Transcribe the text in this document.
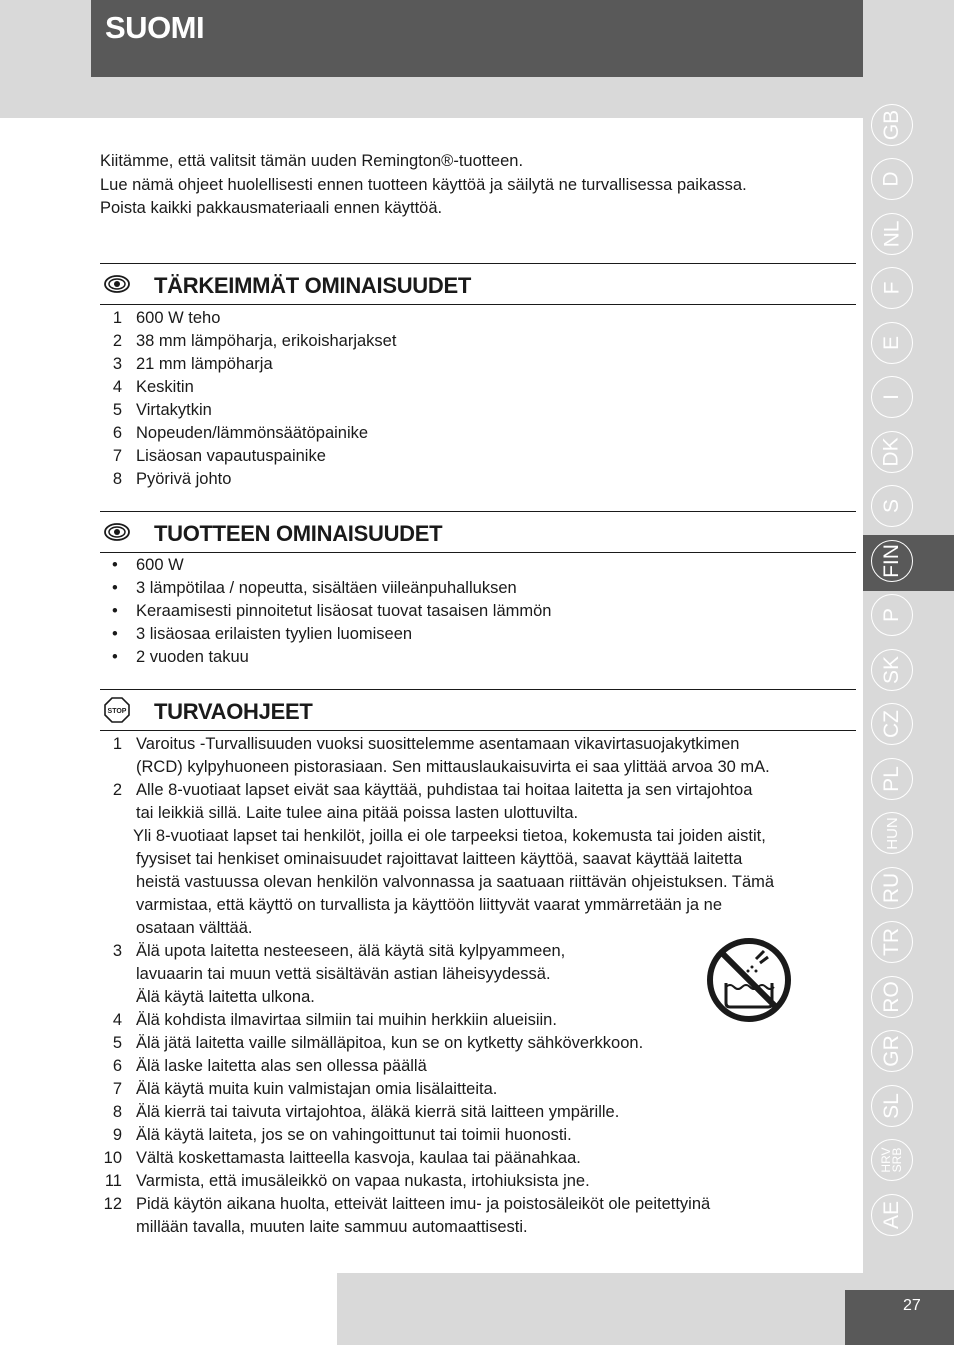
SUOMI

Kiitämme, että valitsit tämän uuden Remington®-tuotteen.

Lue nämä ohjeet huolellisesti ennen tuotteen käyttöä ja säilytä ne turvallisessa paikassa.

Poista kaikki pakkausmateriaali ennen käyttöä.

TÄRKEIMMÄT OMINAISUUDET
1 600 W teho
2 38 mm lämpöharja, erikoisharjakset
3 21 mm lämpöharja
4 Keskitin
5 Virtakytkin
6 Nopeuden/lämmönsäätöpainike
7 Lisäosan vapautuspainike
8 Pyörivä johto
TUOTTEEN OMINAISUUDET
• 600 W
• 3 lämpötilaa / nopeutta, sisältäen viileänpuhalluksen
• Keraamisesti pinnoitetut lisäosat tuovat tasaisen lämmön
• 3 lisäosaa erilaisten tyylien luomiseen
• 2 vuoden takuu
STOP TURVAOHJEET
1 Varoitus -Turvallisuuden vuoksi suosittelemme asentamaan vikavirtasuojakytkimen
(RCD) kylpyhuoneen pistorasiaan. Sen mittauslaukaisuvirta ei saa ylittää arvoa 30 mA.
2 Alle 8-vuotiaat lapset eivät saa käyttää, puhdistaa tai hoitaa laitetta ja sen virtajohtoa
tai leikkiä sillä. Laite tulee aina pitää poissa lasten ulottuvilta.
Yli 8-vuotiaat lapset tai henkilöt, joilla ei ole tarpeeksi tietoa, kokemusta tai joiden aistit,
fyysiset tai henkiset ominaisuudet rajoittavat laitteen käyttöä, saavat käyttää laitetta
heistä vastuussa olevan henkilön valvonnassa ja saatuaan riittävän ohjeistuksen. Tämä
varmistaa, että käyttö on turvallista ja käyttöön liittyvät vaarat ymmärretään ja ne
osataan välttää.
3 Älä upota laitetta nesteeseen, älä käytä sitä kylpyammeen,
lavuaarin tai muun vettä sisältävän astian läheisyydessä.
Älä käytä laitetta ulkona.
4 Älä kohdista ilmavirtaa silmiin tai muihin herkkiin alueisiin.
5 Älä jätä laitetta vaille silmälläpitoa, kun se on kytketty sähköverkkoon.
6 Älä laske laitetta alas sen ollessa päällä
7 Älä käytä muita kuin valmistajan omia lisälaitteita.
8 Älä kierrä tai taivuta virtajohtoa, äläkä kierrä sitä laitteen ympärille.
9 Älä käytä laiteta, jos se on vahingoittunut tai toimii huonosti.
10 Vältä koskettamasta laitteella kasvoja, kaulaa tai päänahkaa.
11 Varmista, että imusäleikkö on vapaa nukasta, irtohiuksista jne.
12 Pidä käytön aikana huolta, etteivät laitteen imu- ja poistosäleiköt ole peitettyinä
millään tavalla, muuten laite sammuu automaattisesti.
GB
D
NL
F
E
I
DK
S
FIN
P
SK
CZ
PL
HUN
RU
TR
RO
GR
SL
HRV SRB
AE
27
